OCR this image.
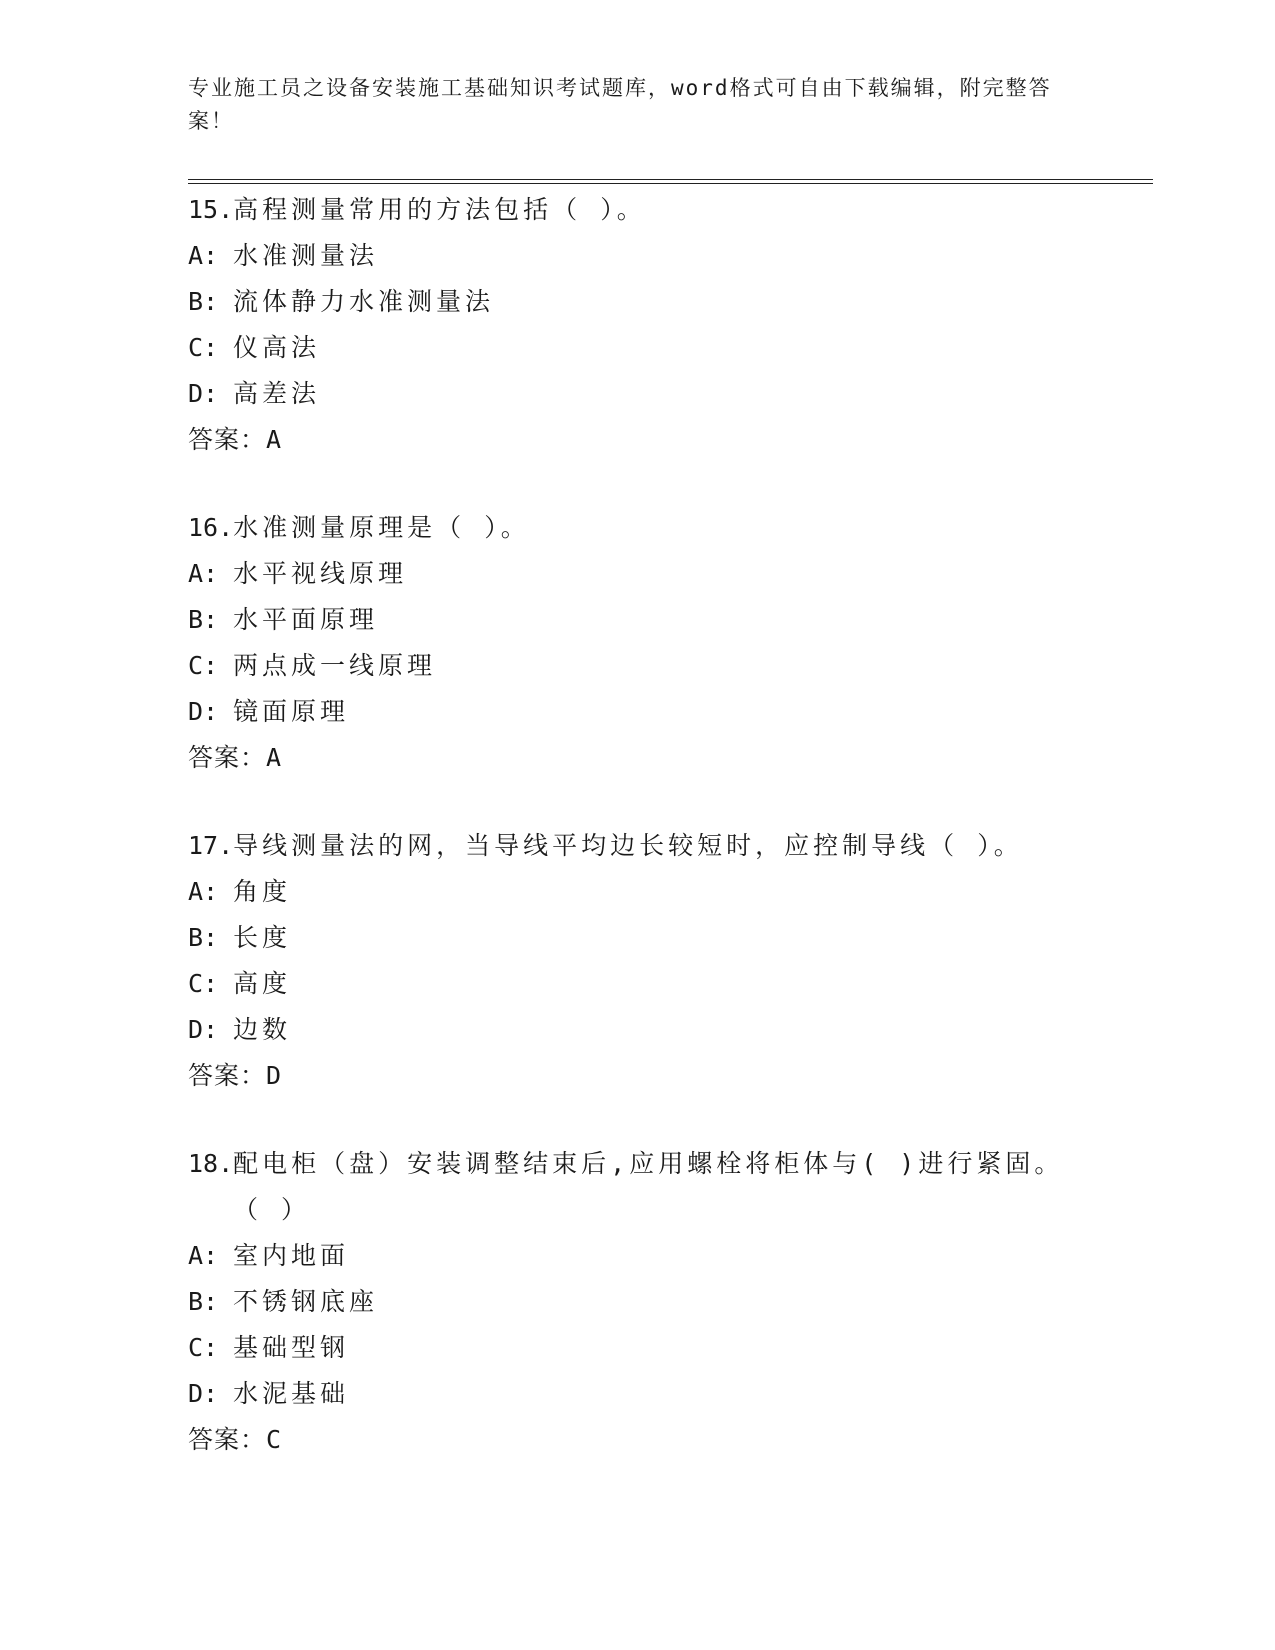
专业施工员之设备安装施工基础知识考试题库，word格式可自由下载编辑，附完整答案！
15.高程测量常用的方法包括（ ）。
A: 水准测量法
B: 流体静力水准测量法
C: 仪高法
D: 高差法
答案：A
16.水准测量原理是（ ）。
A: 水平视线原理
B: 水平面原理
C: 两点成一线原理
D: 镜面原理
答案：A
17.导线测量法的网，当导线平均边长较短时，应控制导线（ ）。
A: 角度
B: 长度
C: 高度
D: 边数
答案：D
18.配电柜（盘）安装调整结束后,应用螺栓将柜体与( )进行紧固。（ ）
A: 室内地面
B: 不锈钢底座
C: 基础型钢
D: 水泥基础
答案：C
